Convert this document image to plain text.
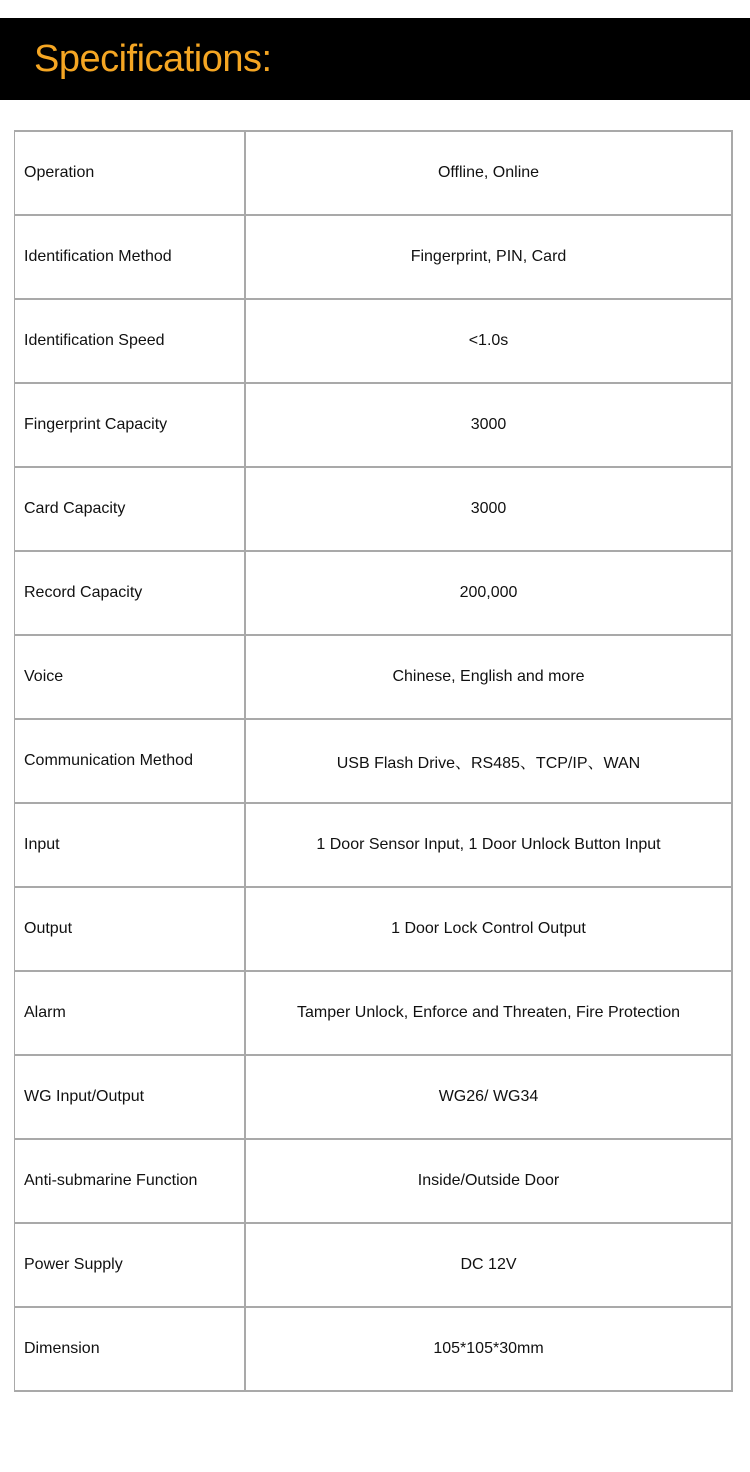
Specifications:
Operation	Offline, Online
Identification Method	Fingerprint, PIN, Card
Identification Speed	<1.0s
Fingerprint Capacity	3000
Card Capacity	3000
Record Capacity	200,000
Voice	Chinese, English and more
Communication Method	USB Flash Drive、RS485、TCP/IP、WAN
Input	1 Door Sensor Input, 1 Door Unlock Button Input
Output	1 Door Lock Control Output
Alarm	Tamper Unlock, Enforce and Threaten, Fire Protection
WG Input/Output	WG26/ WG34
Anti-submarine Function	Inside/Outside Door
Power Supply	DC 12V
Dimension	105*105*30mm
